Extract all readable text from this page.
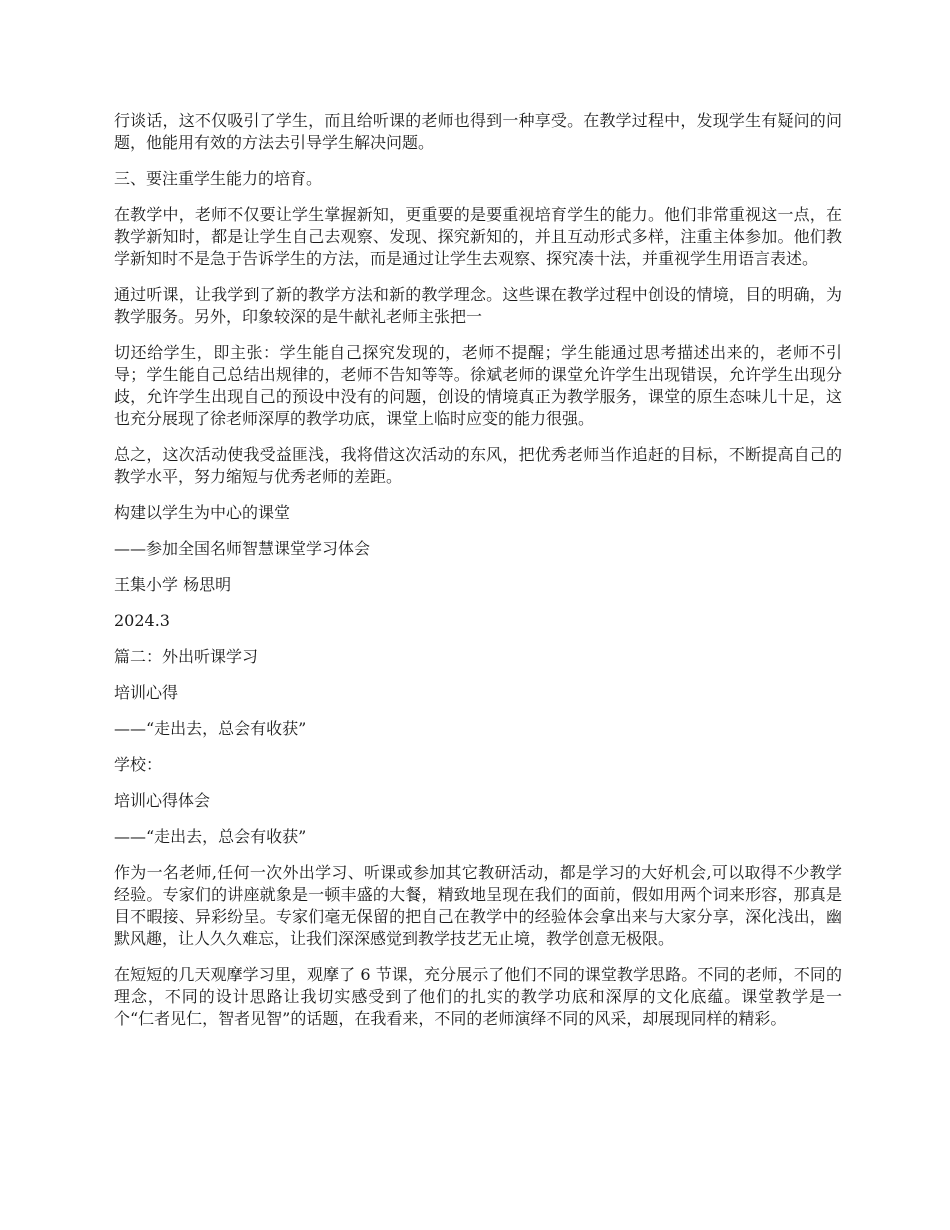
行谈话，这不仅吸引了学生，而且给听课的老师也得到一种享受。在教学过程中，发现学生有疑问的问题，他能用有效的方法去引导学生解决问题。

三、要注重学生能力的培育。

在教学中，老师不仅要让学生掌握新知，更重要的是要重视培育学生的能力。他们非常重视这一点，在教学新知时，都是让学生自己去观察、发现、探究新知的，并且互动形式多样，注重主体参加。他们教学新知时不是急于告诉学生的方法，而是通过让学生去观察、探究凑十法，并重视学生用语言表述。

通过听课，让我学到了新的教学方法和新的教学理念。这些课在教学过程中创设的情境，目的明确，为教学服务。另外，印象较深的是牛献礼老师主张把一

切还给学生，即主张：学生能自己探究发现的，老师不提醒；学生能通过思考描述出来的，老师不引导；学生能自己总结出规律的，老师不告知等等。徐斌老师的课堂允许学生出现错误，允许学生出现分歧，允许学生出现自己的预设中没有的问题，创设的情境真正为教学服务，课堂的原生态味儿十足，这也充分展现了徐老师深厚的教学功底，课堂上临时应变的能力很强。

总之，这次活动使我受益匪浅，我将借这次活动的东风，把优秀老师当作追赶的目标，不断提高自己的教学水平，努力缩短与优秀老师的差距。

构建以学生为中心的课堂

——参加全国名师智慧课堂学习体会

王集小学 杨思明

2024.3

篇二：外出听课学习

培训心得

——“走出去，总会有收获”

学校：

培训心得体会

——“走出去，总会有收获”

作为一名老师,任何一次外出学习、听课或参加其它教研活动，都是学习的大好机会,可以取得不少教学经验。专家们的讲座就象是一顿丰盛的大餐，精致地呈现在我们的面前，假如用两个词来形容，那真是目不暇接、异彩纷呈。专家们毫无保留的把自己在教学中的经验体会拿出来与大家分享，深化浅出，幽默风趣，让人久久难忘，让我们深深感觉到教学技艺无止境，教学创意无极限。

在短短的几天观摩学习里，观摩了 6 节课，充分展示了他们不同的课堂教学思路。不同的老师，不同的理念，不同的设计思路让我切实感受到了他们的扎实的教学功底和深厚的文化底蕴。课堂教学是一个“仁者见仁，智者见智”的话题，在我看来，不同的老师演绎不同的风采，却展现同样的精彩。
